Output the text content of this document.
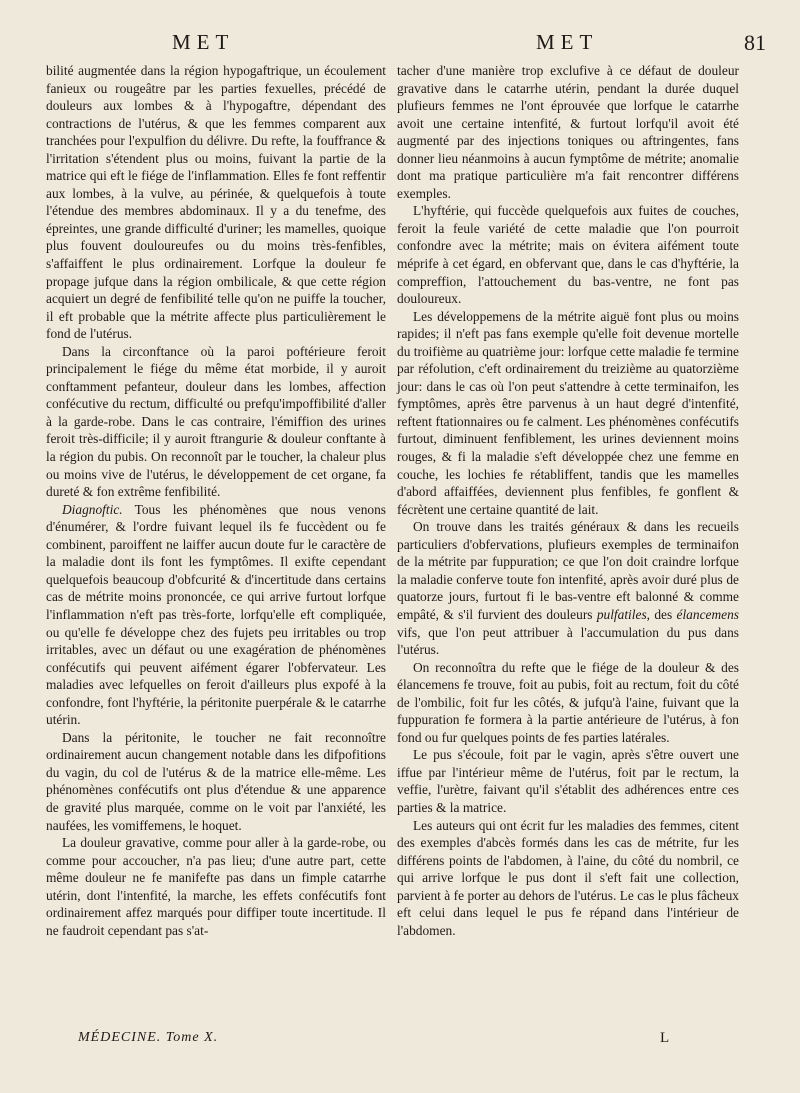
MET	MET	81

bilité augmentée dans la région hypogaftrique, un écoulement fanieux ou rougeâtre par les parties fexuelles, précédé de douleurs aux lombes & à l'hypogaftre, dépendant des contractions de l'utérus, & que les femmes comparent aux tranchées pour l'expulfion du délivre. Du refte, la fouffrance & l'irritation s'étendent plus ou moins, fuivant la partie de la matrice qui eft le fiége de l'inflammation. Elles fe font reffentir aux lombes, à la vulve, au périnée, & quelquefois à toute l'étendue des membres abdominaux. Il y a du tenefme, des épreintes, une grande difficulté d'uriner; les mamelles, quoique plus fouvent douloureufes ou du moins très-fenfibles, s'affaiffent le plus ordinairement. Lorfque la douleur fe propage jufque dans la région ombilicale, & que cette région acquiert un degré de fenfibilité telle qu'on ne puiffe la toucher, il eft probable que la métrite affecte plus particulièrement le fond de l'utérus.

Dans la circonftance où la paroi poftérieure feroit principalement le fiége du même état morbide, il y auroit conftamment pefanteur, douleur dans les lombes, affection confécutive du rectum, difficulté ou prefqu'impoffibilité d'aller à la garde-robe. Dans le cas contraire, l'émiffion des urines feroit très-difficile; il y auroit ftrangurie & douleur conftante à la région du pubis. On reconnoît par le toucher, la chaleur plus ou moins vive de l'utérus, le développement de cet organe, fa dureté & fon extrême fenfibilité.

Diagnoftic. Tous les phénomènes que nous venons d'énumérer, & l'ordre fuivant lequel ils fe fuccèdent ou fe combinent, paroiffent ne laiffer aucun doute fur le caractère de la maladie dont ils font les fymptômes. Il exifte cependant quelquefois beaucoup d'obfcurité & d'incertitude dans certains cas de métrite moins prononcée, ce qui arrive furtout lorfque l'inflammation n'eft pas très-forte, lorfqu'elle eft compliquée, ou qu'elle fe développe chez des fujets peu irritables ou trop irritables, avec un défaut ou une exagération de phénomènes confécutifs qui peuvent aifément égarer l'obfervateur. Les maladies avec lefquelles on feroit d'ailleurs plus expofé à la confondre, font l'hyftérie, la péritonite puerpérale & le catarrhe utérin.

Dans la péritonite, le toucher ne fait reconnoître ordinairement aucun changement notable dans les difpofitions du vagin, du col de l'utérus & de la matrice elle-même. Les phénomènes confécutifs ont plus d'étendue & une apparence de gravité plus marquée, comme on le voit par l'anxiété, les naufées, les vomiffemens, le hoquet.

La douleur gravative, comme pour aller à la garde-robe, ou comme pour accoucher, n'a pas lieu; d'une autre part, cette même douleur ne fe manifefte pas dans un fimple catarrhe utérin, dont l'intenfité, la marche, les effets confécutifs font ordinairement affez marqués pour diffiper toute incertitude. Il ne faudroit cependant pas s'at-

tacher d'une manière trop exclufive à ce défaut de douleur gravative dans le catarrhe utérin, pendant la durée duquel plufieurs femmes ne l'ont éprouvée que lorfque le catarrhe avoit une certaine intenfité, & furtout lorfqu'il avoit été augmenté par des injections toniques ou aftringentes, fans donner lieu néanmoins à aucun fymptôme de métrite; anomalie dont ma pratique particulière m'a fait rencontrer différens exemples.

L'hyftérie, qui fuccède quelquefois aux fuites de couches, feroit la feule variété de cette maladie que l'on pourroit confondre avec la métrite; mais on évitera aifément toute méprife à cet égard, en obfervant que, dans le cas d'hyftérie, la compreffion, l'attouchement du bas-ventre, ne font pas douloureux.

Les développemens de la métrite aiguë font plus ou moins rapides; il n'eft pas fans exemple qu'elle foit devenue mortelle du troifième au quatrième jour: lorfque cette maladie fe termine par réfolution, c'eft ordinairement du treizième au quatorzième jour: dans le cas où l'on peut s'attendre à cette terminaifon, les fymptômes, après être parvenus à un haut degré d'intenfité, reftent ftationnaires ou fe calment. Les phénomènes confécutifs furtout, diminuent fenfiblement, les urines deviennent moins rouges, & fi la maladie s'eft développée chez une femme en couche, les lochies fe rétabliffent, tandis que les mamelles d'abord affaiffées, deviennent plus fenfibles, fe gonflent & fécrètent une certaine quantité de lait.

On trouve dans les traités généraux & dans les recueils particuliers d'obfervations, plufieurs exemples de terminaifon de la métrite par fuppuration; ce que l'on doit craindre lorfque la maladie conferve toute fon intenfité, après avoir duré plus de quatorze jours, furtout fi le bas-ventre eft balonné & comme empâté, & s'il furvient des douleurs pulfatiles, des élancemens vifs, que l'on peut attribuer à l'accumulation du pus dans l'utérus.

On reconnoîtra du refte que le fiége de la douleur & des élancemens fe trouve, foit au pubis, foit au rectum, foit du côté de l'ombilic, foit fur les côtés, & jufqu'à l'aine, fuivant que la fuppuration fe formera à la partie antérieure de l'utérus, à fon fond ou fur quelques points de fes parties latérales.

Le pus s'écoule, foit par le vagin, après s'être ouvert une iffue par l'intérieur même de l'utérus, foit par le rectum, la veffie, l'urètre, faivant qu'il s'établit des adhérences entre ces parties & la matrice.

Les auteurs qui ont écrit fur les maladies des femmes, citent des exemples d'abcès formés dans les cas de métrite, fur les différens points de l'abdomen, à l'aine, du côté du nombril, ce qui arrive lorfque le pus dont il s'eft fait une collection, parvient à fe porter au dehors de l'utérus. Le cas le plus fâcheux eft celui dans lequel le pus fe répand dans l'intérieur de l'abdomen.

MÉDECINE. Tome X.	L
